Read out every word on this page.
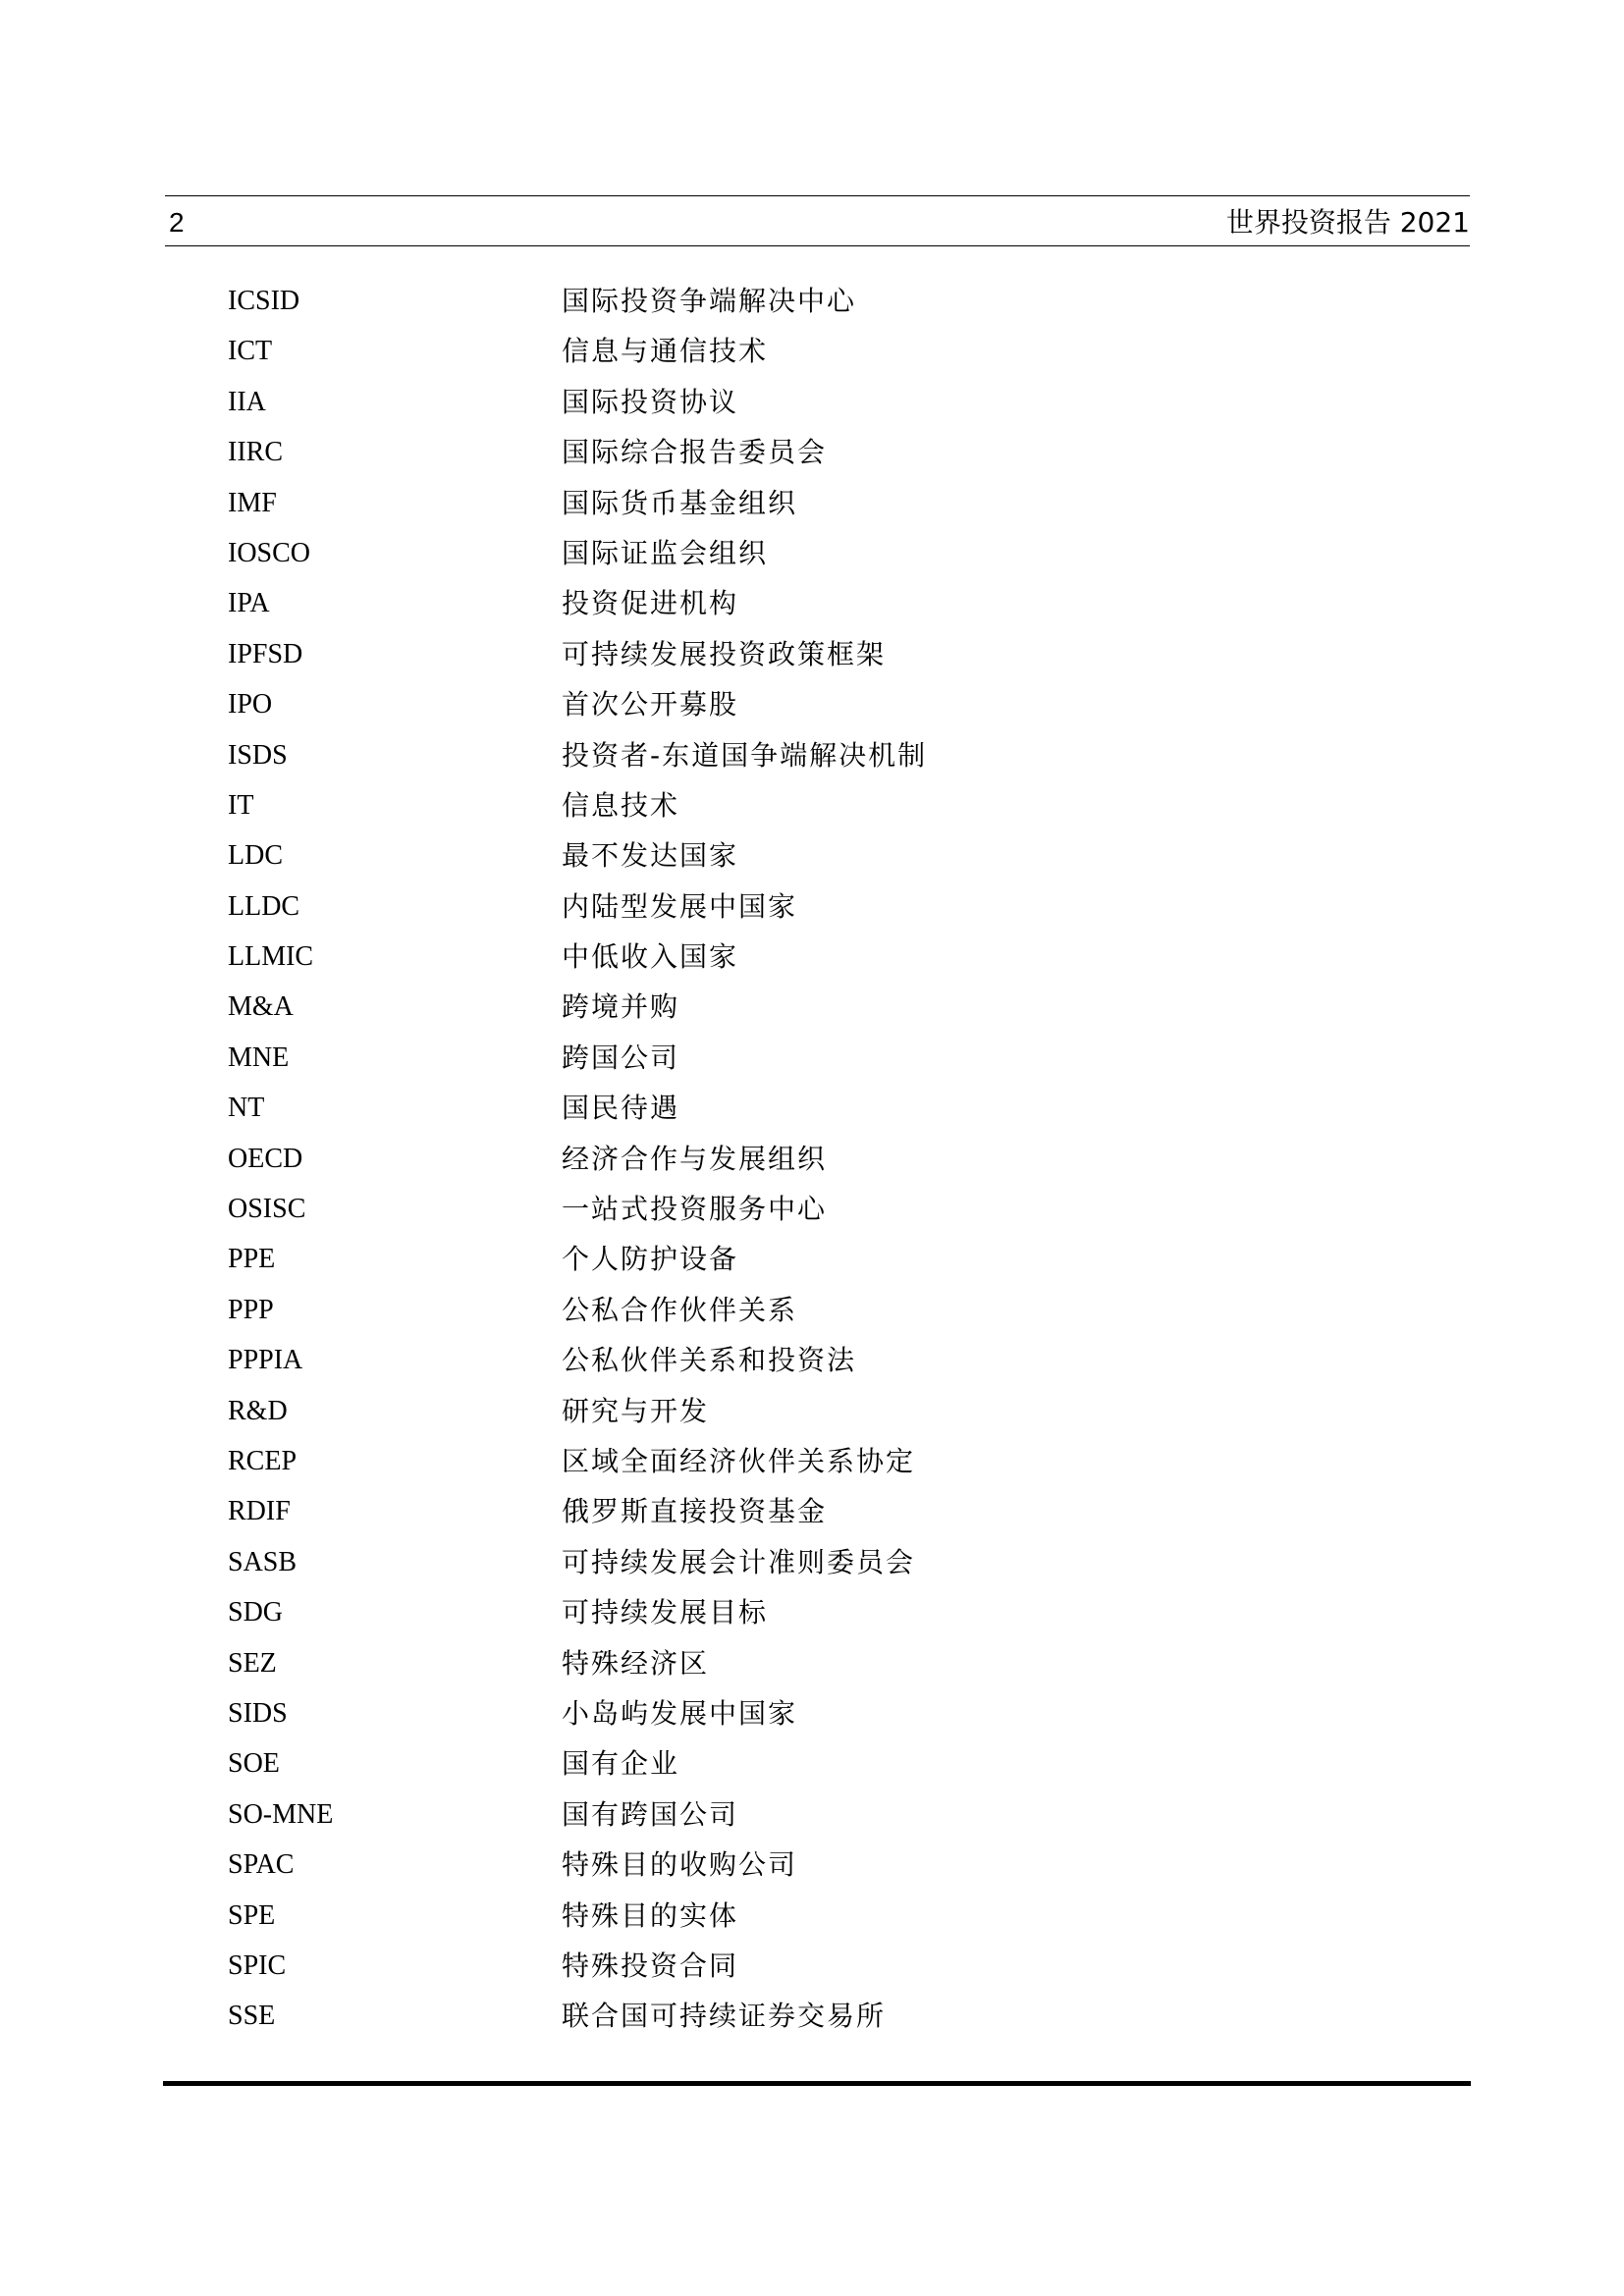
2	世界投资报告 2021
ICSID	国际投资争端解决中心
ICT	信息与通信技术
IIA	国际投资协议
IIRC	国际综合报告委员会
IMF	国际货币基金组织
IOSCO	国际证监会组织
IPA	投资促进机构
IPFSD	可持续发展投资政策框架
IPO	首次公开募股
ISDS	投资者-东道国争端解决机制
IT	信息技术
LDC	最不发达国家
LLDC	内陆型发展中国家
LLMIC	中低收入国家
M&A	跨境并购
MNE	跨国公司
NT	国民待遇
OECD	经济合作与发展组织
OSISC	一站式投资服务中心
PPE	个人防护设备
PPP	公私合作伙伴关系
PPPIA	公私伙伴关系和投资法
R&D	研究与开发
RCEP	区域全面经济伙伴关系协定
RDIF	俄罗斯直接投资基金
SASB	可持续发展会计准则委员会
SDG	可持续发展目标
SEZ	特殊经济区
SIDS	小岛屿发展中国家
SOE	国有企业
SO-MNE	国有跨国公司
SPAC	特殊目的收购公司
SPE	特殊目的实体
SPIC	特殊投资合同
SSE	联合国可持续证券交易所
